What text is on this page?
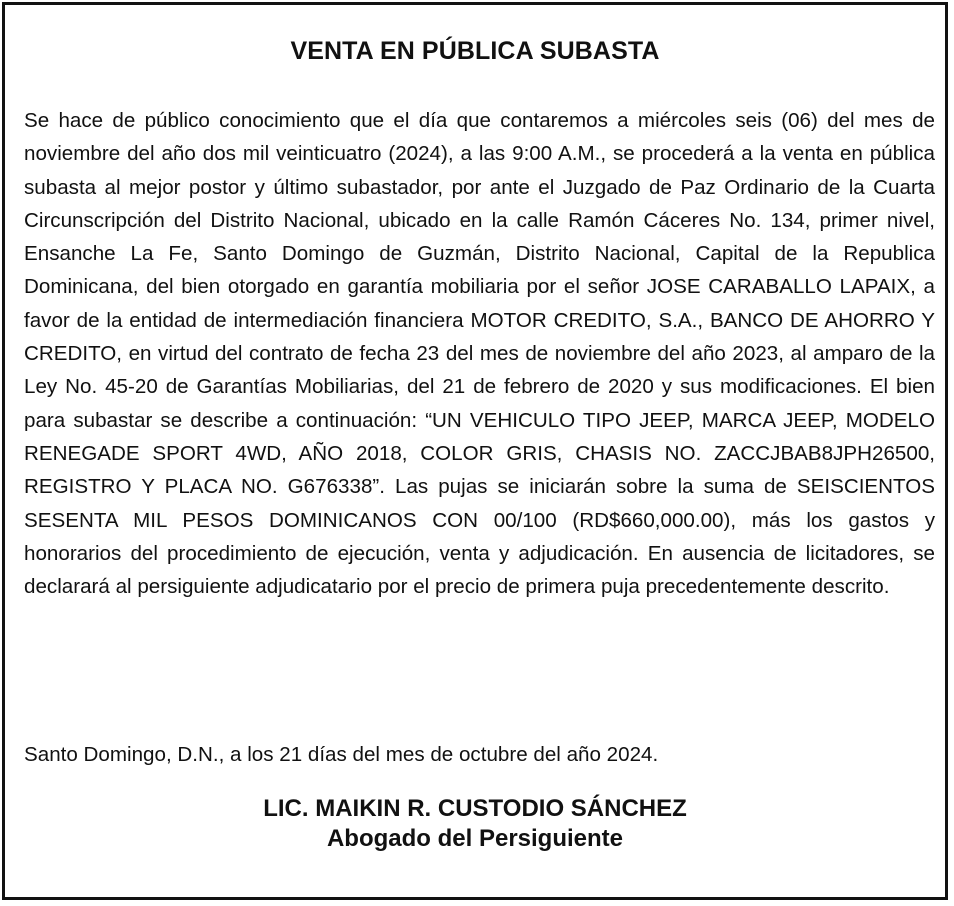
VENTA EN PÚBLICA SUBASTA

Se hace de público conocimiento que el día que contaremos a miércoles seis (06) del mes de noviembre del año dos mil veinticuatro (2024), a las 9:00 A.M., se procederá a la venta en pública subasta al mejor postor y último subastador, por ante el Juzgado de Paz Ordinario de la Cuarta Circunscripción del Distrito Nacional, ubicado en la calle Ramón Cáceres No. 134, primer nivel, Ensanche La Fe, Santo Domingo de Guzmán, Distrito Nacional, Capital de la Republica Dominicana, del bien otorgado en garantía mobiliaria por el señor JOSE CARABALLO LAPAIX, a favor de la entidad de intermediación financiera MOTOR CREDITO, S.A., BANCO DE AHORRO Y CREDITO, en virtud del contrato de fecha 23 del mes de noviembre del año 2023, al amparo de la Ley No. 45-20 de Garantías Mobiliarias, del 21 de febrero de 2020 y sus modificaciones. El bien para subastar se describe a continuación: “UN VEHICULO TIPO JEEP, MARCA JEEP, MODELO RENEGADE SPORT 4WD, AÑO 2018, COLOR GRIS, CHASIS NO. ZACCJBAB8JPH26500, REGISTRO Y PLACA NO. G676338”. Las pujas se iniciarán sobre la suma de SEISCIENTOS SESENTA MIL PESOS DOMINICANOS CON 00/100 (RD$660,000.00), más los gastos y honorarios del procedimiento de ejecución, venta y adjudicación. En ausencia de licitadores, se declarará al persiguiente adjudicatario por el precio de primera puja precedentemente descrito.

Santo Domingo, D.N., a los 21 días del mes de octubre del año 2024.

LIC. MAIKIN R. CUSTODIO SÁNCHEZ
Abogado del Persiguiente
